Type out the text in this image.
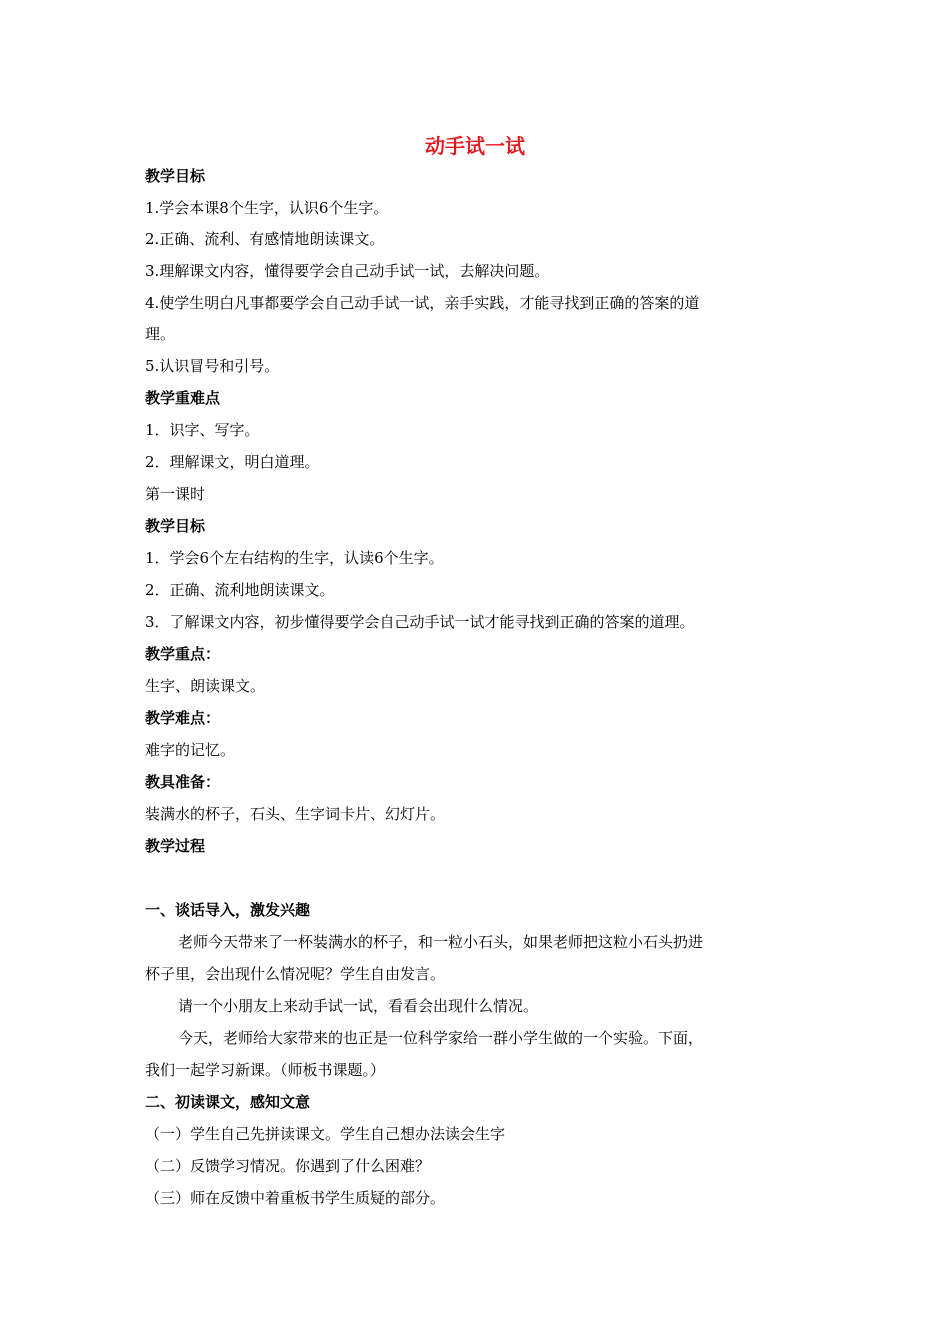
动手试一试
教学目标
1.学会本课8个生字，认识6个生字。
2.正确、流利、有感情地朗读课文。
3.理解课文内容，懂得要学会自己动手试一试，去解决问题。
4.使学生明白凡事都要学会自己动手试一试，亲手实践，才能寻找到正确的答案的道
理。
5.认识冒号和引号。
教学重难点
1．识字、写字。
2．理解课文，明白道理。
第一课时
教学目标
1．学会6个左右结构的生字，认读6个生字。
2．正确、流利地朗读课文。
3．了解课文内容，初步懂得要学会自己动手试一试才能寻找到正确的答案的道理。
教学重点：
生字、朗读课文。
教学难点：
难字的记忆。
教具准备：
装满水的杯子，石头、生字词卡片、幻灯片。
教学过程
一、谈话导入，激发兴趣
老师今天带来了一杯装满水的杯子，和一粒小石头，如果老师把这粒小石头扔进
杯子里，会出现什么情况呢？学生自由发言。
请一个小朋友上来动手试一试，看看会出现什么情况。
今天，老师给大家带来的也正是一位科学家给一群小学生做的一个实验。下面，
我们一起学习新课。（师板书课题。）
二、初读课文，感知文意
（一）学生自己先拼读课文。学生自己想办法读会生字
（二）反馈学习情况。你遇到了什么困难？
（三）师在反馈中着重板书学生质疑的部分。
